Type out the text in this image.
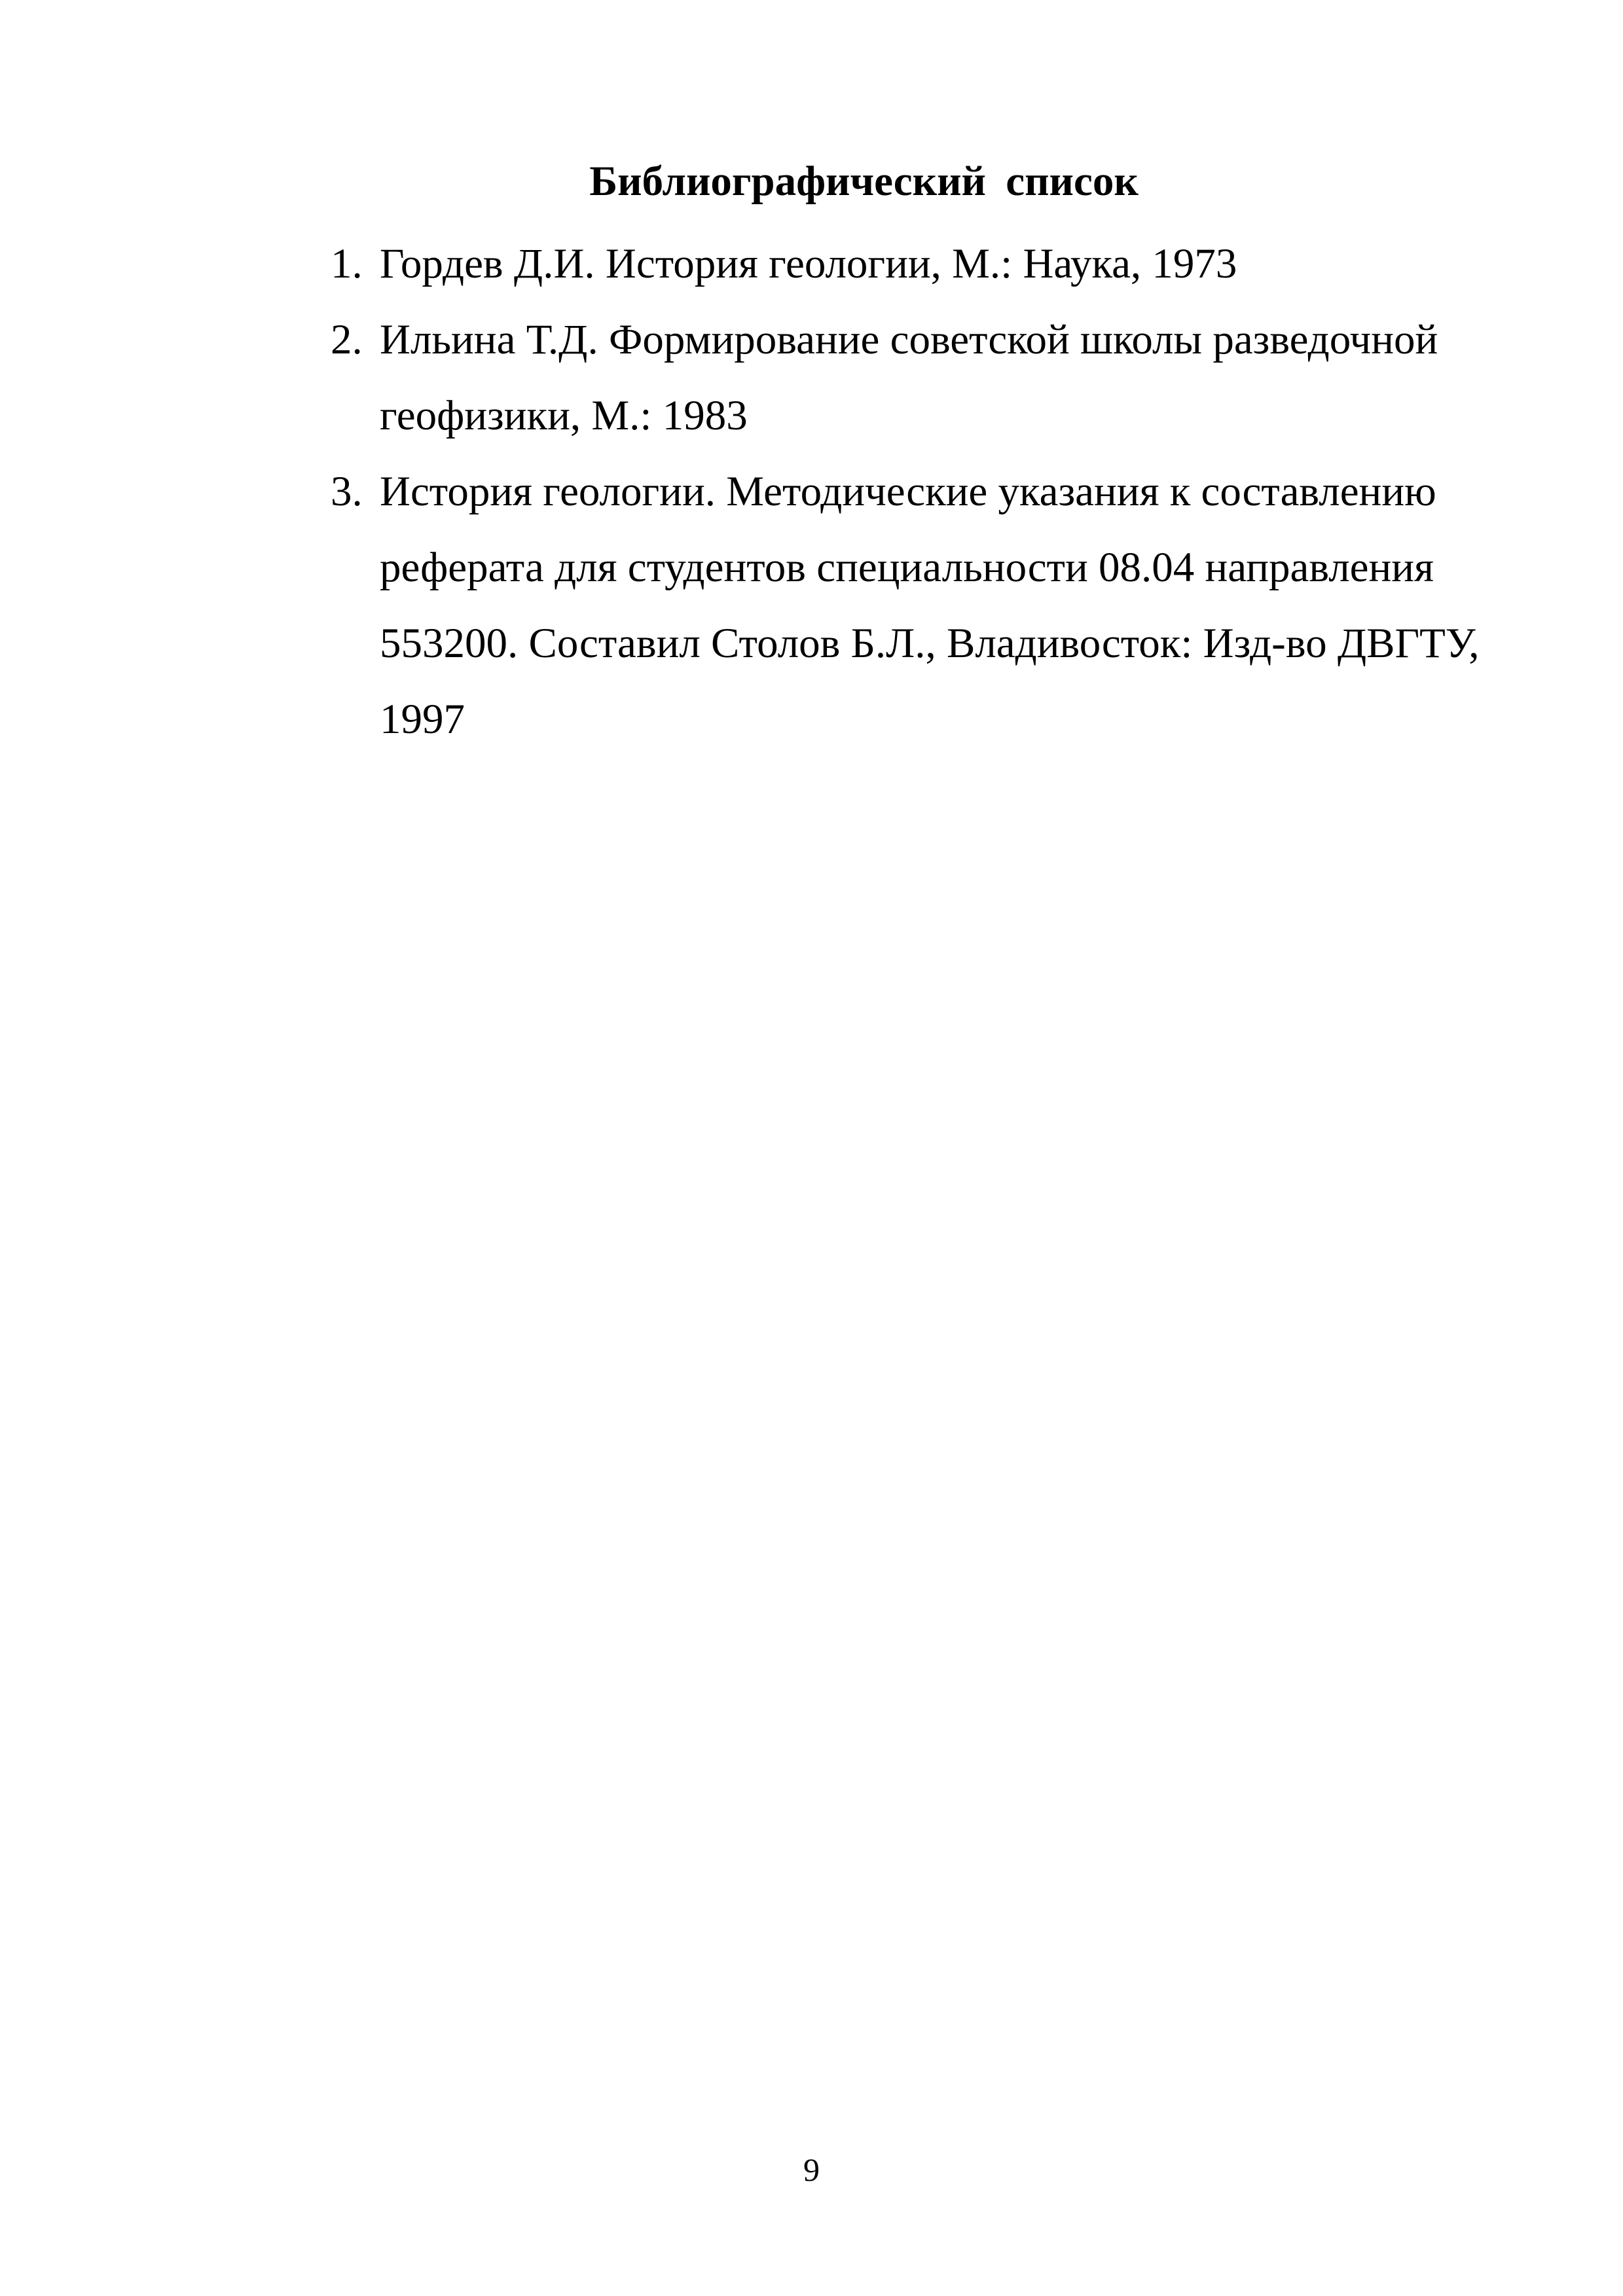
Библиографический список
1. Гордев Д.И. История геологии, М.: Наука, 1973
2. Ильина Т.Д. Формирование советской школы разведочной геофизики, М.: 1983
3. История геологии. Методические указания к составлению реферата для студентов специальности 08.04 направления 553200. Составил Столов Б.Л., Владивосток: Изд-во ДВГТУ, 1997
9
